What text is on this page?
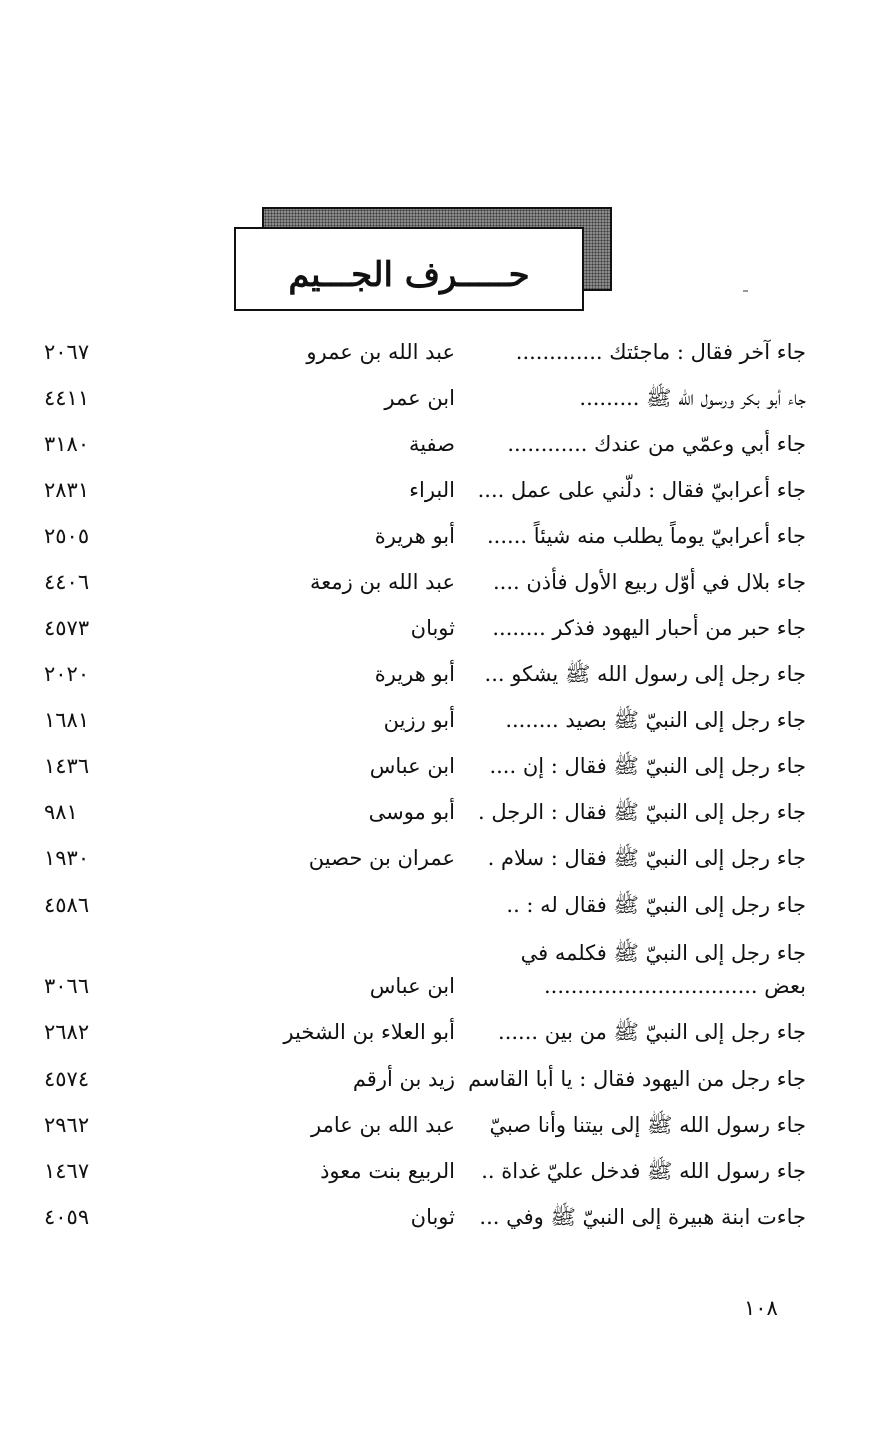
حـــــرف الجـــيم
جاء آخر فقال : ماجئتك .............
عبد الله بن عمرو
٢٠٦٧
جاء أبو بكر ورسول الله ﷺ .........
ابن عمر
٤٤١١
جاء أبي وعمّي من عندك ............
صفية
٣١٨٠
جاء أعرابيّ فقال : دلّني على عمل ....
البراء
٢٨٣١
جاء أعرابيّ يوماً يطلب منه شيئاً ......
أبو هريرة
٢٥٠٥
جاء بلال في أوّل ربيع الأول فأذن ....
عبد الله بن زمعة
٤٤٠٦
جاء حبر من أحبار اليهود فذكر ........
ثوبان
٤٥٧٣
جاء رجل إلى رسول الله ﷺ يشكو ...
أبو هريرة
٢٠٢٠
جاء رجل إلى النبيّ ﷺ بصيد ........
أبو رزين
١٦٨١
جاء رجل إلى النبيّ ﷺ فقال : إن ....
ابن عباس
١٤٣٦
جاء رجل إلى النبيّ ﷺ فقال : الرجل .
أبو موسى
٩٨١
جاء رجل إلى النبيّ ﷺ فقال : سلام .
عمران بن حصين
١٩٣٠
جاء رجل إلى النبيّ ﷺ فقال له : ..
٤٥٨٦
جاء رجل إلى النبيّ ﷺ فكلمه في
بعض ................................
ابن عباس
٣٠٦٦
جاء رجل إلى النبيّ ﷺ من بين ......
أبو العلاء بن الشخير
٢٦٨٢
جاء رجل من اليهود فقال : يا أبا القاسم
زيد بن أرقم
٤٥٧٤
جاء رسول الله ﷺ إلى بيتنا وأنا صبيّ
عبد الله بن عامر
٢٩٦٢
جاء رسول الله ﷺ فدخل عليّ غداة ..
الربيع بنت معوذ
١٤٦٧
جاءت ابنة هبيرة إلى النبيّ ﷺ وفي ...
ثوبان
٤٠٥٩
١٠٨
